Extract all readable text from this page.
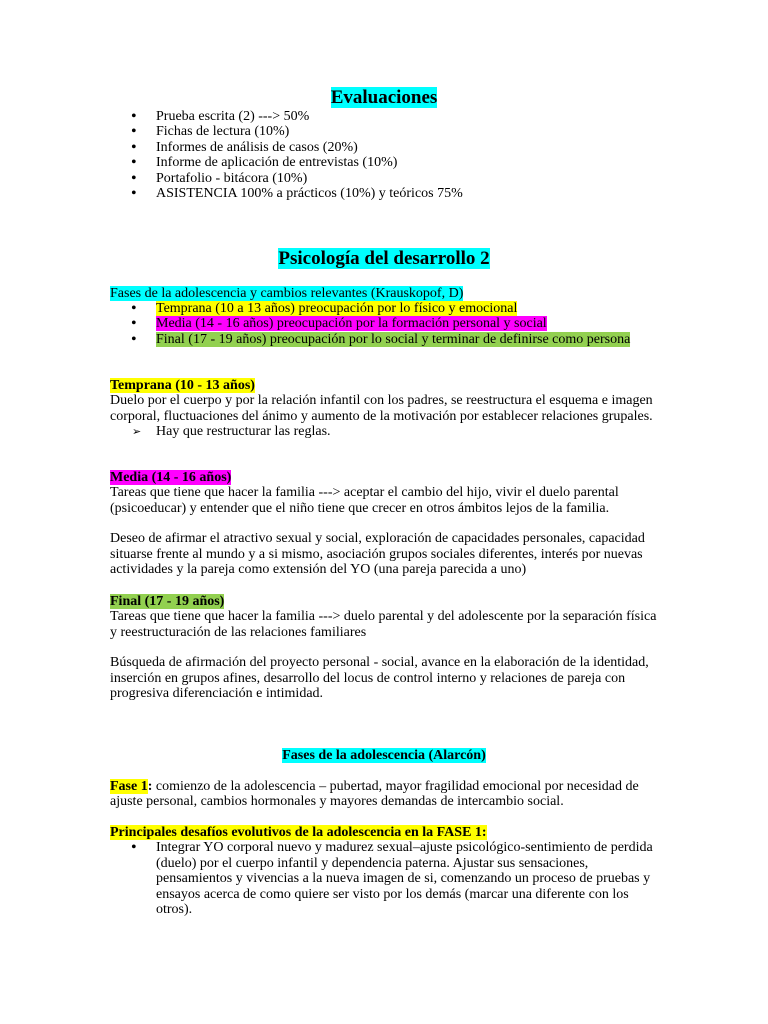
Evaluaciones
• Prueba escrita (2) ---> 50%
• Fichas de lectura (10%)
• Informes de análisis de casos (20%)
• Informe de aplicación de entrevistas (10%)
• Portafolio - bitácora (10%)
• ASISTENCIA 100% a prácticos (10%) y teóricos 75%
Psicología del desarrollo 2
Fases de la adolescencia y cambios relevantes (Krauskopof, D)
• Temprana (10 a 13 años) preocupación por lo físico y emocional
• Media (14 - 16 años) preocupación por la formación personal y social
• Final (17 - 19 años) preocupación por lo social y terminar de definirse como persona

Temprana (10 - 13 años)

Duelo por el cuerpo y por la relación infantil con los padres, se reestructura el esquema e imagen corporal, fluctuaciones del ánimo y aumento de la motivación por establecer relaciones grupales.

➢ Hay que restructurar las reglas.

Media (14 - 16 años)

Tareas que tiene que hacer la familia ---> aceptar el cambio del hijo, vivir el duelo parental (psicoeducar) y entender que el niño tiene que crecer en otros ámbitos lejos de la familia.

Deseo de afirmar el atractivo sexual y social, exploración de capacidades personales, capacidad situarse frente al mundo y a si mismo, asociación grupos sociales diferentes, interés por nuevas actividades y la pareja como extensión del YO (una pareja parecida a uno)

Final (17 - 19 años)

Tareas que tiene que hacer la familia ---> duelo parental y del adolescente por la separación física y reestructuración de las relaciones familiares

Búsqueda de afirmación del proyecto personal - social, avance en la elaboración de la identidad, inserción en grupos afines, desarrollo del locus de control interno y relaciones de pareja con progresiva diferenciación e intimidad.

Fases de la adolescencia (Alarcón)

Fase 1: comienzo de la adolescencia – pubertad, mayor fragilidad emocional por necesidad de ajuste personal, cambios hormonales y mayores demandas de intercambio social.

Principales desafíos evolutivos de la adolescencia en la FASE 1:

• Integrar YO corporal nuevo y madurez sexual–ajuste psicológico-sentimiento de perdida (duelo) por el cuerpo infantil y dependencia paterna. Ajustar sus sensaciones, pensamientos y vivencias a la nueva imagen de si, comenzando un proceso de pruebas y ensayos acerca de como quiere ser visto por los demás (marcar una diferente con los otros).
